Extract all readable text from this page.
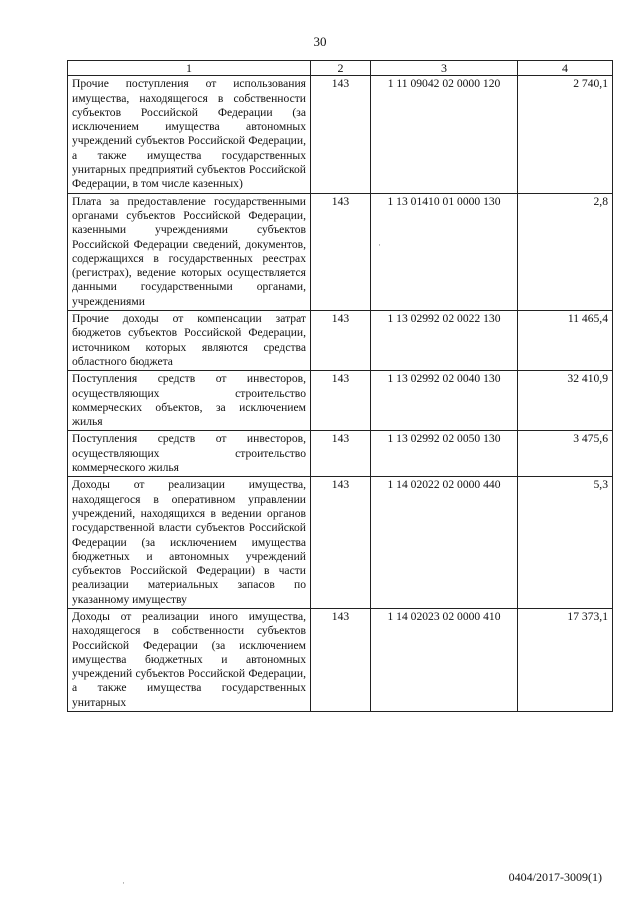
30
1	2	3	4
Прочие поступления от использования имущества, находящегося в собственности субъектов Российской Федерации (за исключением имущества автономных учреждений субъектов Российской Федерации, а также имущества государственных унитарных предприятий субъектов Российской Федерации, в том числе казенных)	143	1 11 09042 02 0000 120	2 740,1
Плата за предоставление государственными органами субъектов Российской Федерации, казенными учреждениями субъектов Российской Федерации сведений, документов, содержащихся в государственных реестрах (регистрах), ведение которых осуществляется данными государственными органами, учреждениями	143	1 13 01410 01 0000 130	2,8
Прочие доходы от компенсации затрат бюджетов субъектов Российской Федерации, источником которых являются средства областного бюджета	143	1 13 02992 02 0022 130	11 465,4
Поступления средств от инвесторов, осуществляющих строительство коммерческих объектов, за исключением жилья	143	1 13 02992 02 0040 130	32 410,9
Поступления средств от инвесторов, осуществляющих строительство коммерческого жилья	143	1 13 02992 02 0050 130	3 475,6
Доходы от реализации имущества, находящегося в оперативном управлении учреждений, находящихся в ведении органов государственной власти субъектов Российской Федерации (за исключением имущества бюджетных и автономных учреждений субъектов Российской Федерации) в части реализации материальных запасов по указанному имуществу	143	1 14 02022 02 0000 440	5,3
Доходы от реализации иного имущества, находящегося в собственности субъектов Российской Федерации (за исключением имущества бюджетных и автономных учреждений субъектов Российской Федерации, а также имущества государственных унитарных	143	1 14 02023 02 0000 410	17 373,1
0404/2017-3009(1)
·
·
